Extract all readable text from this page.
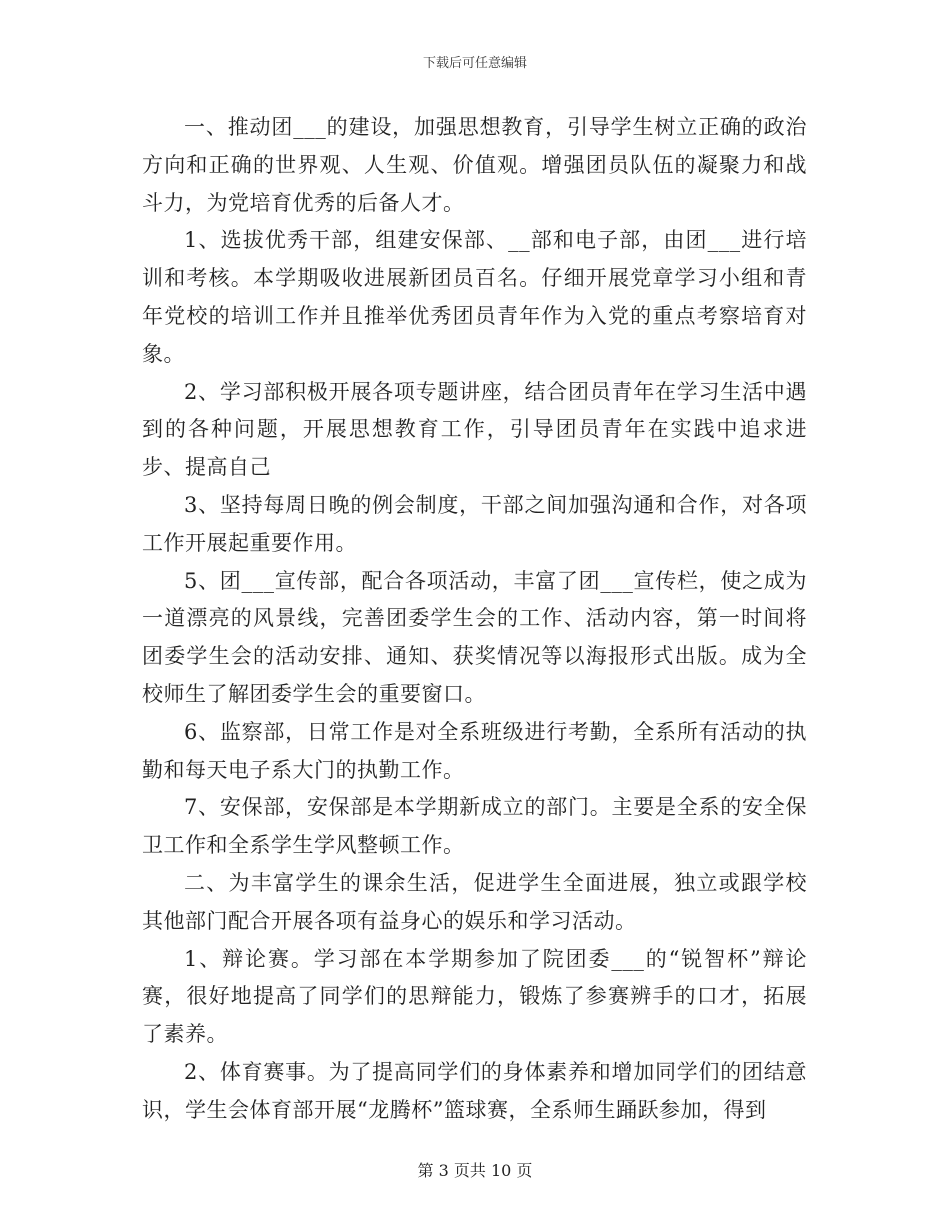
下载后可任意编辑

一、推动团___的建设，加强思想教育，引导学生树立正确的政治方向和正确的世界观、人生观、价值观。增强团员队伍的凝聚力和战斗力，为党培育优秀的后备人才。

1、选拔优秀干部，组建安保部、__部和电子部，由团___进行培训和考核。本学期吸收进展新团员百名。仔细开展党章学习小组和青年党校的培训工作并且推举优秀团员青年作为入党的重点考察培育对象。

2、学习部积极开展各项专题讲座，结合团员青年在学习生活中遇到的各种问题，开展思想教育工作，引导团员青年在实践中追求进步、提高自己

3、坚持每周日晚的例会制度，干部之间加强沟通和合作，对各项工作开展起重要作用。

5、团___宣传部，配合各项活动，丰富了团___宣传栏，使之成为一道漂亮的风景线，完善团委学生会的工作、活动内容，第一时间将团委学生会的活动安排、通知、获奖情况等以海报形式出版。成为全校师生了解团委学生会的重要窗口。

6、监察部，日常工作是对全系班级进行考勤，全系所有活动的执勤和每天电子系大门的执勤工作。

7、安保部，安保部是本学期新成立的部门。主要是全系的安全保卫工作和全系学生学风整顿工作。

二、为丰富学生的课余生活，促进学生全面进展，独立或跟学校其他部门配合开展各项有益身心的娱乐和学习活动。

1、辩论赛。学习部在本学期参加了院团委___的“锐智杯”辩论赛，很好地提高了同学们的思辩能力，锻炼了参赛辨手的口才，拓展了素养。

2、体育赛事。为了提高同学们的身体素养和增加同学们的团结意识，学生会体育部开展“龙腾杯”篮球赛，全系师生踊跃参加，得到

第 3 页共 10 页
